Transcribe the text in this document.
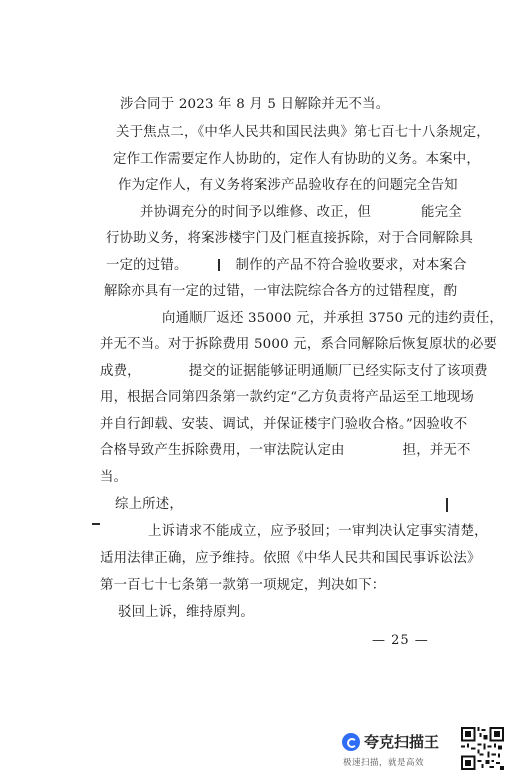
涉合同于 2023 年 8 月 5 日解除并无不当。
关于焦点二，《中华人民共和国民法典》第七百七十八条规定，
定作工作需要定作人协助的，定作人有协助的义务。本案中，
作为定作人，有义务将案涉产品验收存在的问题完全告知
并协调充分的时间予以维修、改正，但	能完全
行协助义务，将案涉楼宇门及门框直接拆除，对于合同解除具
一定的过错。	制作的产品不符合验收要求，对本案合
解除亦具有一定的过错，一审法院综合各方的过错程度，酌
向通顺厂返还 35000 元，并承担 3750 元的违约责任，
并无不当。对于拆除费用 5000 元，系合同解除后恢复原状的必要
成费，	提交的证据能够证明通顺厂已经实际支付了该项费
用，根据合同第四条第一款约定“乙方负责将产品运至工地现场
并自行卸载、安装、调试，并保证楼宇门验收合格。”因验收不
合格导致产生拆除费用，一审法院认定由	担，并无不
当。
综上所述，
上诉请求不能成立，应予驳回；一审判决认定事实清楚，
适用法律正确，应予维持。依照《中华人民共和国民事诉讼法》
第一百七十七条第一款第一项规定，判决如下：
驳回上诉，维持原判。
— 25 —
夸克扫描王
极速扫描，就是高效
